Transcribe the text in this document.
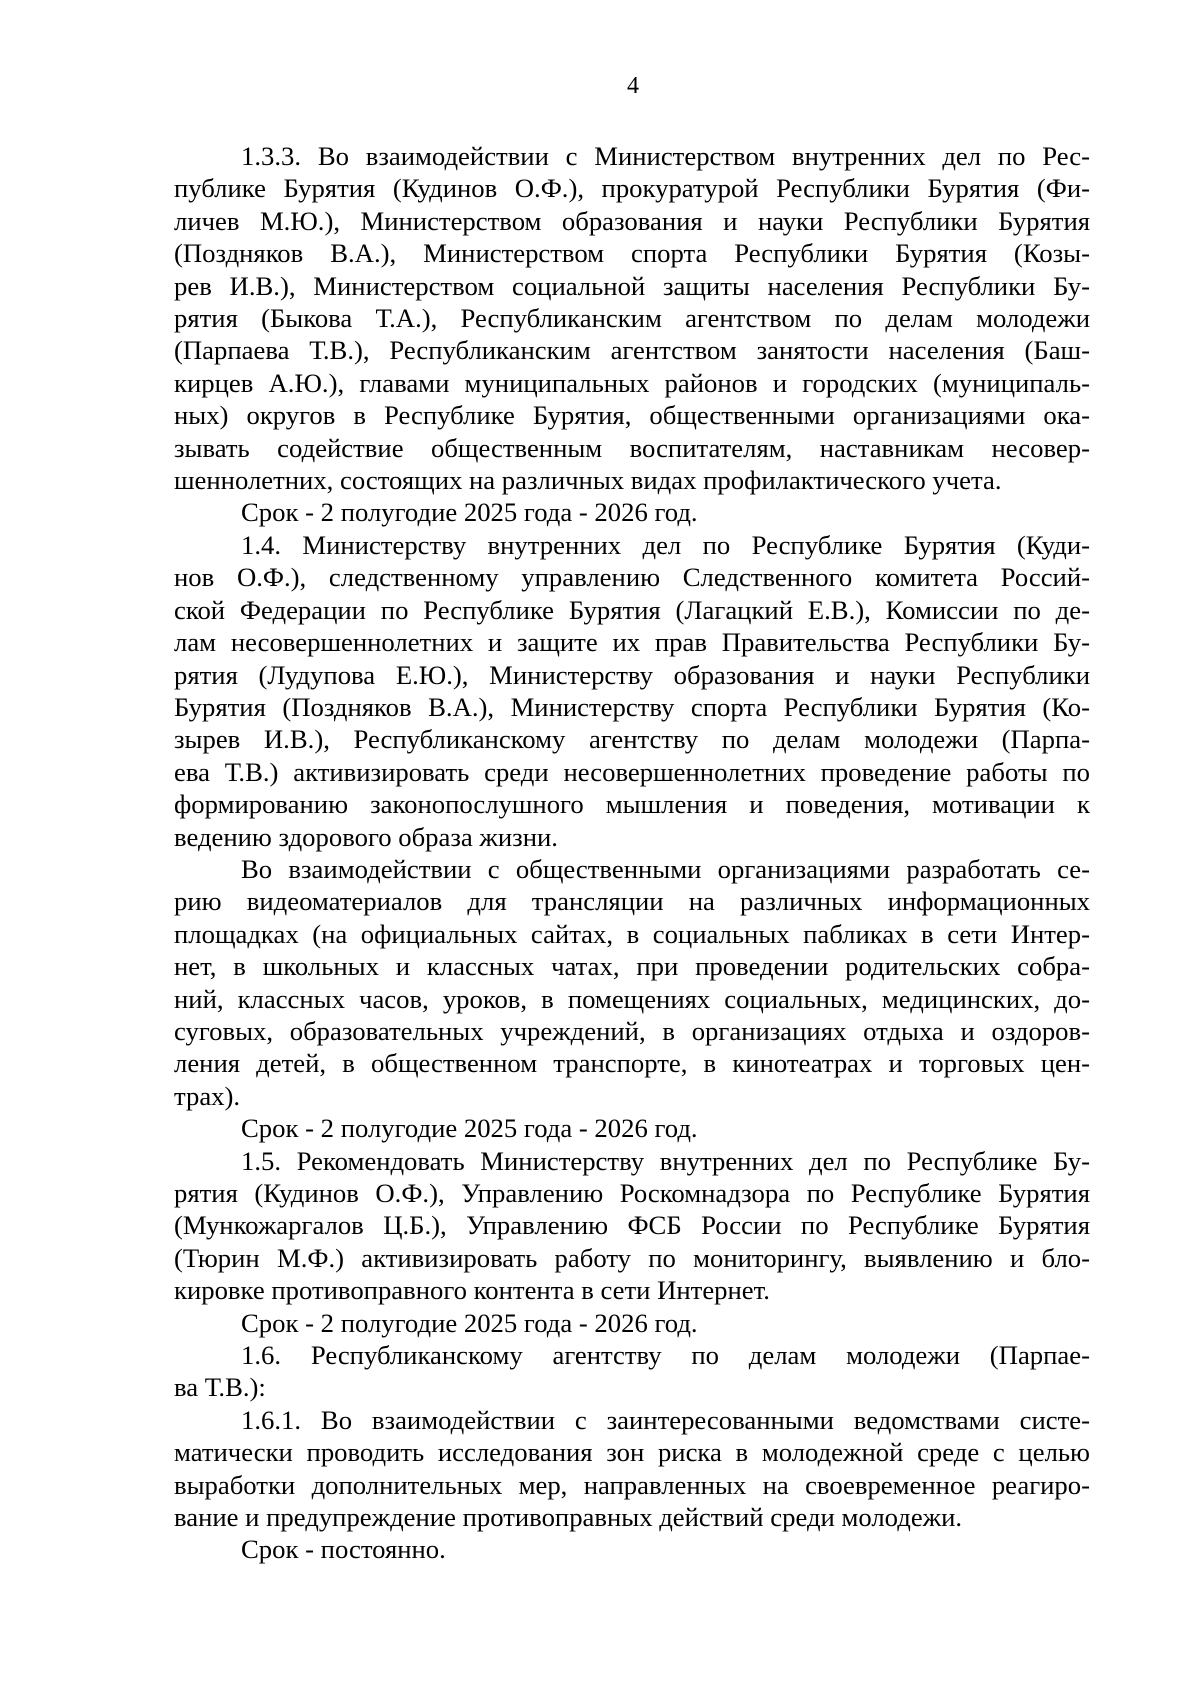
4
1.3.3. Во взаимодействии с Министерством внутренних дел по Рес-
публике Бурятия (Кудинов О.Ф.), прокуратурой Республики Бурятия (Фи-
личев М.Ю.), Министерством образования и науки Республики Бурятия
(Поздняков В.А.), Министерством спорта Республики Бурятия (Козы-
рев И.В.), Министерством социальной защиты населения Республики Бу-
рятия (Быкова Т.А.), Республиканским агентством по делам молодежи
(Парпаева Т.В.), Республиканским агентством занятости населения (Баш-
кирцев А.Ю.), главами муниципальных районов и городских (муниципаль-
ных) округов в Республике Бурятия, общественными организациями ока-
зывать содействие общественным воспитателям, наставникам несовер-
шеннолетних, состоящих на различных видах профилактического учета.
Срок - 2 полугодие 2025 года - 2026 год.
1.4. Министерству внутренних дел по Республике Бурятия (Куди-
нов О.Ф.), следственному управлению Следственного комитета Россий-
ской Федерации по Республике Бурятия (Лагацкий Е.В.), Комиссии по де-
лам несовершеннолетних и защите их прав Правительства Республики Бу-
рятия (Лудупова Е.Ю.), Министерству образования и науки Республики
Бурятия (Поздняков В.А.), Министерству спорта Республики Бурятия (Ко-
зырев И.В.), Республиканскому агентству по делам молодежи (Парпа-
ева Т.В.) активизировать среди несовершеннолетних проведение работы по
формированию законопослушного мышления и поведения, мотивации к
ведению здорового образа жизни.
Во взаимодействии с общественными организациями разработать се-
рию видеоматериалов для трансляции на различных информационных
площадках (на официальных сайтах, в социальных пабликах в сети Интер-
нет, в школьных и классных чатах, при проведении родительских собра-
ний, классных часов, уроков, в помещениях социальных, медицинских, до-
суговых, образовательных учреждений, в организациях отдыха и оздоров-
ления детей, в общественном транспорте, в кинотеатрах и торговых цен-
трах).
Срок - 2 полугодие 2025 года - 2026 год.
1.5. Рекомендовать Министерству внутренних дел по Республике Бу-
рятия (Кудинов О.Ф.), Управлению Роскомнадзора по Республике Бурятия
(Мункожаргалов Ц.Б.), Управлению ФСБ России по Республике Бурятия
(Тюрин М.Ф.) активизировать работу по мониторингу, выявлению и бло-
кировке противоправного контента в сети Интернет.
Срок - 2 полугодие 2025 года - 2026 год.
1.6. Республиканскому агентству по делам молодежи (Парпае-
ва Т.В.):
1.6.1. Во взаимодействии с заинтересованными ведомствами систе-
матически проводить исследования зон риска в молодежной среде с целью
выработки дополнительных мер, направленных на своевременное реагиро-
вание и предупреждение противоправных действий среди молодежи.
Срок - постоянно.
